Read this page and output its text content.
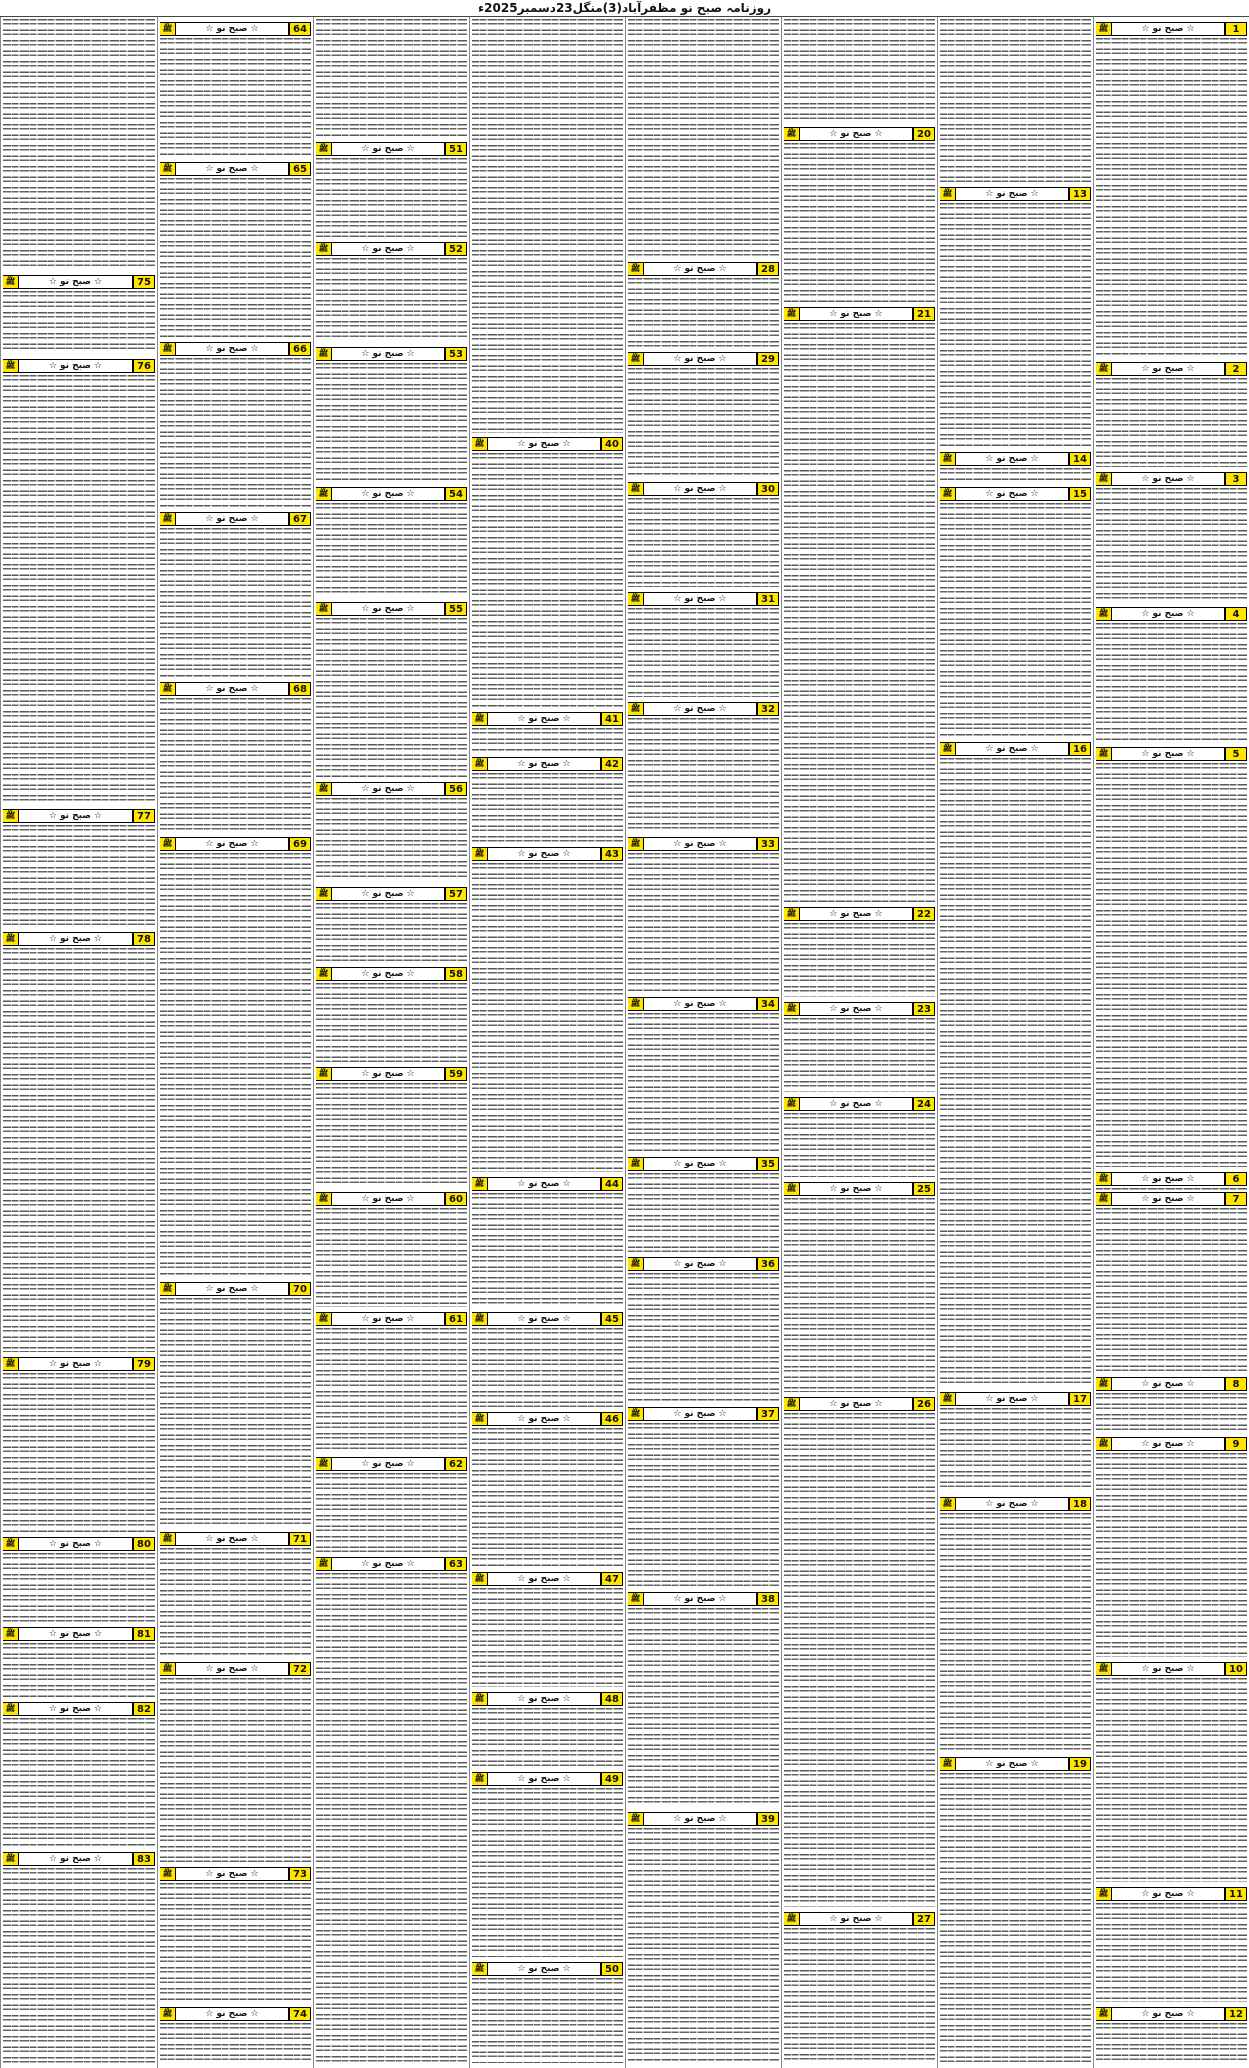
روزنامہ صبح نو مظفرآباد(3)منگل23دسمبر2025ء
ﷺ	☆ صبح نو ☆	1
ﷺ	☆ صبح نو ☆	2
ﷺ	☆ صبح نو ☆	3
ﷺ	☆ صبح نو ☆	4
ﷺ	☆ صبح نو ☆	5
ﷺ	☆ صبح نو ☆	6
ﷺ	☆ صبح نو ☆	7
ﷺ	☆ صبح نو ☆	8
ﷺ	☆ صبح نو ☆	9
ﷺ	☆ صبح نو ☆	10
ﷺ	☆ صبح نو ☆	11
ﷺ	☆ صبح نو ☆	12
ﷺ	☆ صبح نو ☆	13
ﷺ	☆ صبح نو ☆	14
ﷺ	☆ صبح نو ☆	15
ﷺ	☆ صبح نو ☆	16
ﷺ	☆ صبح نو ☆	17
ﷺ	☆ صبح نو ☆	18
ﷺ	☆ صبح نو ☆	19
ﷺ	☆ صبح نو ☆	20
ﷺ	☆ صبح نو ☆	21
ﷺ	☆ صبح نو ☆	22
ﷺ	☆ صبح نو ☆	23
ﷺ	☆ صبح نو ☆	24
ﷺ	☆ صبح نو ☆	25
ﷺ	☆ صبح نو ☆	26
ﷺ	☆ صبح نو ☆	27
ﷺ	☆ صبح نو ☆	28
ﷺ	☆ صبح نو ☆	29
ﷺ	☆ صبح نو ☆	30
ﷺ	☆ صبح نو ☆	31
ﷺ	☆ صبح نو ☆	32
ﷺ	☆ صبح نو ☆	33
ﷺ	☆ صبح نو ☆	34
ﷺ	☆ صبح نو ☆	35
ﷺ	☆ صبح نو ☆	36
ﷺ	☆ صبح نو ☆	37
ﷺ	☆ صبح نو ☆	38
ﷺ	☆ صبح نو ☆	39
ﷺ	☆ صبح نو ☆	40
ﷺ	☆ صبح نو ☆	41
ﷺ	☆ صبح نو ☆	42
ﷺ	☆ صبح نو ☆	43
ﷺ	☆ صبح نو ☆	44
ﷺ	☆ صبح نو ☆	45
ﷺ	☆ صبح نو ☆	46
ﷺ	☆ صبح نو ☆	47
ﷺ	☆ صبح نو ☆	48
ﷺ	☆ صبح نو ☆	49
ﷺ	☆ صبح نو ☆	50
ﷺ	☆ صبح نو ☆	51
ﷺ	☆ صبح نو ☆	52
ﷺ	☆ صبح نو ☆	53
ﷺ	☆ صبح نو ☆	54
ﷺ	☆ صبح نو ☆	55
ﷺ	☆ صبح نو ☆	56
ﷺ	☆ صبح نو ☆	57
ﷺ	☆ صبح نو ☆	58
ﷺ	☆ صبح نو ☆	59
ﷺ	☆ صبح نو ☆	60
ﷺ	☆ صبح نو ☆	61
ﷺ	☆ صبح نو ☆	62
ﷺ	☆ صبح نو ☆	63
ﷺ	☆ صبح نو ☆	64
ﷺ	☆ صبح نو ☆	65
ﷺ	☆ صبح نو ☆	66
ﷺ	☆ صبح نو ☆	67
ﷺ	☆ صبح نو ☆	68
ﷺ	☆ صبح نو ☆	69
ﷺ	☆ صبح نو ☆	70
ﷺ	☆ صبح نو ☆	71
ﷺ	☆ صبح نو ☆	72
ﷺ	☆ صبح نو ☆	73
ﷺ	☆ صبح نو ☆	74
ﷺ	☆ صبح نو ☆	75
ﷺ	☆ صبح نو ☆	76
ﷺ	☆ صبح نو ☆	77
ﷺ	☆ صبح نو ☆	78
ﷺ	☆ صبح نو ☆	79
ﷺ	☆ صبح نو ☆	80
ﷺ	☆ صبح نو ☆	81
ﷺ	☆ صبح نو ☆	82
ﷺ	☆ صبح نو ☆	83
